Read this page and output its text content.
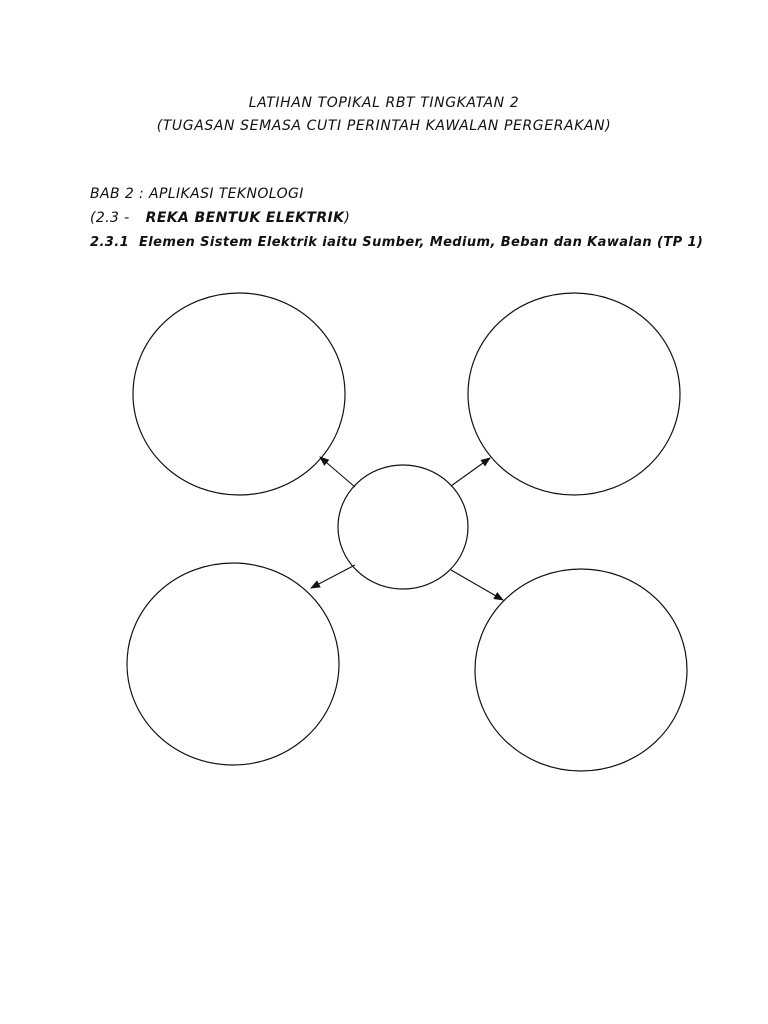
LATIHAN TOPIKAL RBT TINGKATAN 2
(TUGASAN SEMASA CUTI PERINTAH KAWALAN PERGERAKAN)
BAB 2 : APLIKASI TEKNOLOGI
(2.3 - REKA BENTUK ELEKTRIK)
2.3.1 Elemen Sistem Elektrik iaitu Sumber, Medium, Beban dan Kawalan (TP 1)
